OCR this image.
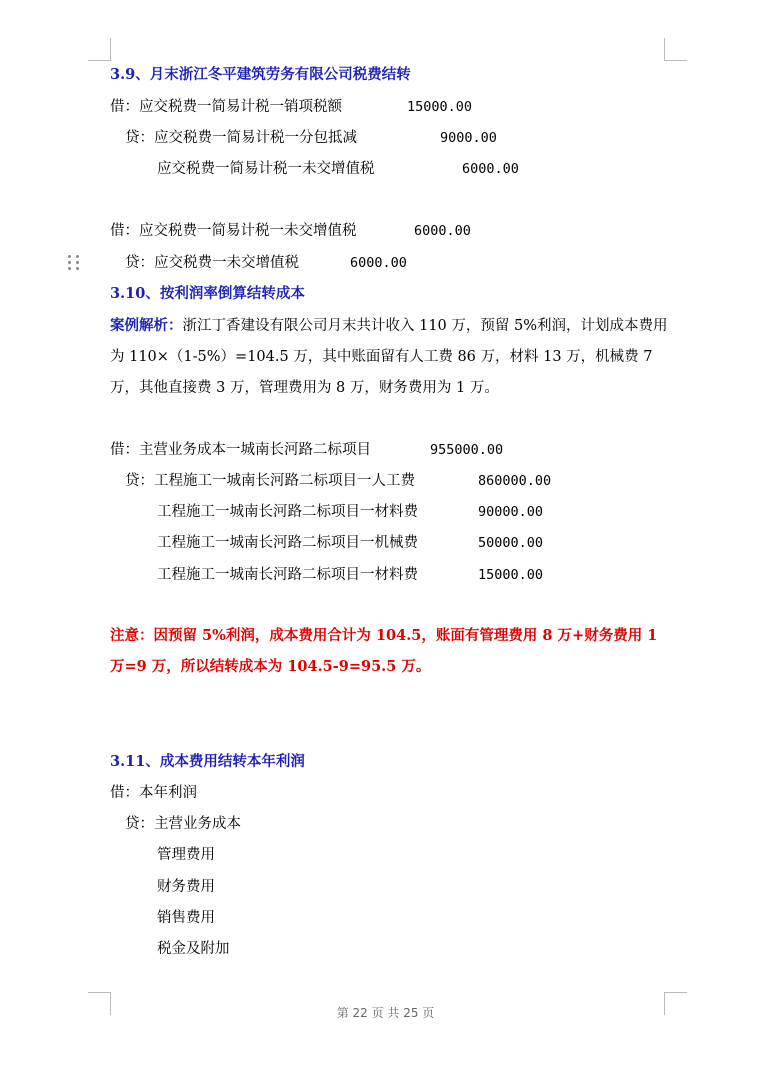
3.9、月末浙江冬平建筑劳务有限公司税费结转
借：应交税费一简易计税一销项税额	15000.00
贷：应交税费一简易计税一分包抵减	9000.00
应交税费一简易计税一未交增值税	6000.00
借：应交税费一简易计税一未交增值税	6000.00
贷：应交税费一未交增值税	6000.00
3.10、按利润率倒算结转成本
案例解析：浙江丁香建设有限公司月末共计收入 110 万，预留 5%利润，计划成本费用为 110×（1-5%）=104.5 万，其中账面留有人工费 86 万，材料 13 万，机械费 7 万，其他直接费 3 万，管理费用为 8 万，财务费用为 1 万。
借：主营业务成本一城南长河路二标项目	955000.00
贷：工程施工一城南长河路二标项目一人工费	860000.00
工程施工一城南长河路二标项目一材料费	90000.00
工程施工一城南长河路二标项目一机械费	50000.00
工程施工一城南长河路二标项目一材料费	15000.00
注意：因预留 5%利润，成本费用合计为 104.5，账面有管理费用 8 万+财务费用 1 万=9 万，所以结转成本为 104.5-9=95.5 万。
3.11、成本费用结转本年利润
借：本年利润
贷：主营业务成本
管理费用
财务费用
销售费用
税金及附加
第 22 页 共 25 页
